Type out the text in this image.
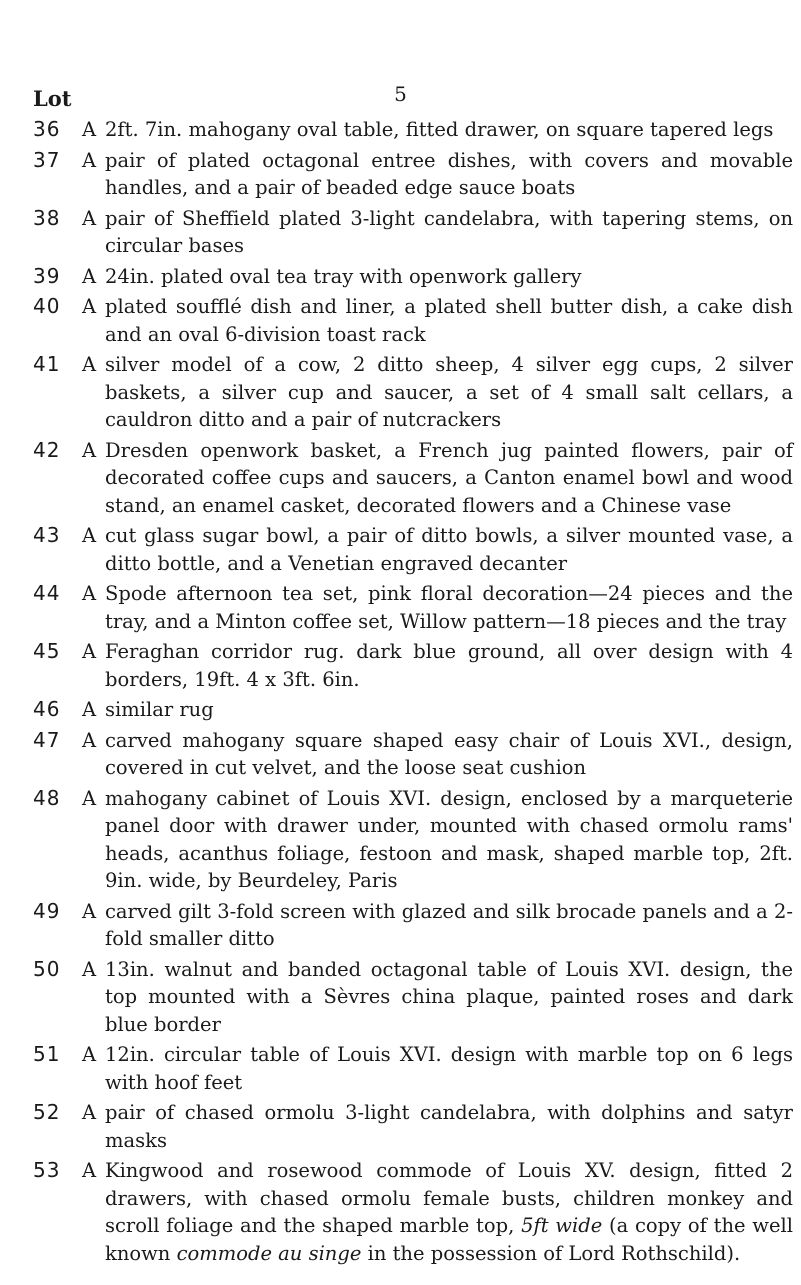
Lot	5
36	A 2ft. 7in. mahogany oval table, fitted drawer, on square tapered legs
37	A pair of plated octagonal entree dishes, with covers and movable handles, and a pair of beaded edge sauce boats
38	A pair of Sheffield plated 3-light candelabra, with tapering stems, on circular bases
39	A 24in. plated oval tea tray with openwork gallery
40	A plated soufflé dish and liner, a plated shell butter dish, a cake dish and an oval 6-division toast rack
41	A silver model of a cow, 2 ditto sheep, 4 silver egg cups, 2 silver baskets, a silver cup and saucer, a set of 4 small salt cellars, a cauldron ditto and a pair of nutcrackers
42	A Dresden openwork basket, a French jug painted flowers, pair of decorated coffee cups and saucers, a Canton enamel bowl and wood stand, an enamel casket, decorated flowers and a Chinese vase
43	A cut glass sugar bowl, a pair of ditto bowls, a silver mounted vase, a ditto bottle, and a Venetian engraved decanter
44	A Spode afternoon tea set, pink floral decoration—24 pieces and the tray, and a Minton coffee set, Willow pattern—18 pieces and the tray
45	A Feraghan corridor rug. dark blue ground, all over design with 4 borders, 19ft. 4 x 3ft. 6in.
46	A similar rug
47	A carved mahogany square shaped easy chair of Louis XVI., design, covered in cut velvet, and the loose seat cushion
48	A mahogany cabinet of Louis XVI. design, enclosed by a marqueterie panel door with drawer under, mounted with chased ormolu rams' heads, acanthus foliage, festoon and mask, shaped marble top, 2ft. 9in. wide, by Beurdeley, Paris
49	A carved gilt 3-fold screen with glazed and silk brocade panels and a 2-fold smaller ditto
50	A 13in. walnut and banded octagonal table of Louis XVI. design, the top mounted with a Sèvres china plaque, painted roses and dark blue border
51	A 12in. circular table of Louis XVI. design with marble top on 6 legs with hoof feet
52	A pair of chased ormolu 3-light candelabra, with dolphins and satyr masks
53	A Kingwood and rosewood commode of Louis XV. design, fitted 2 drawers, with chased ormolu female busts, children monkey and scroll foliage and the shaped marble top, 5ft wide (a copy of the well known commode au singe in the possession of Lord Rothschild).
